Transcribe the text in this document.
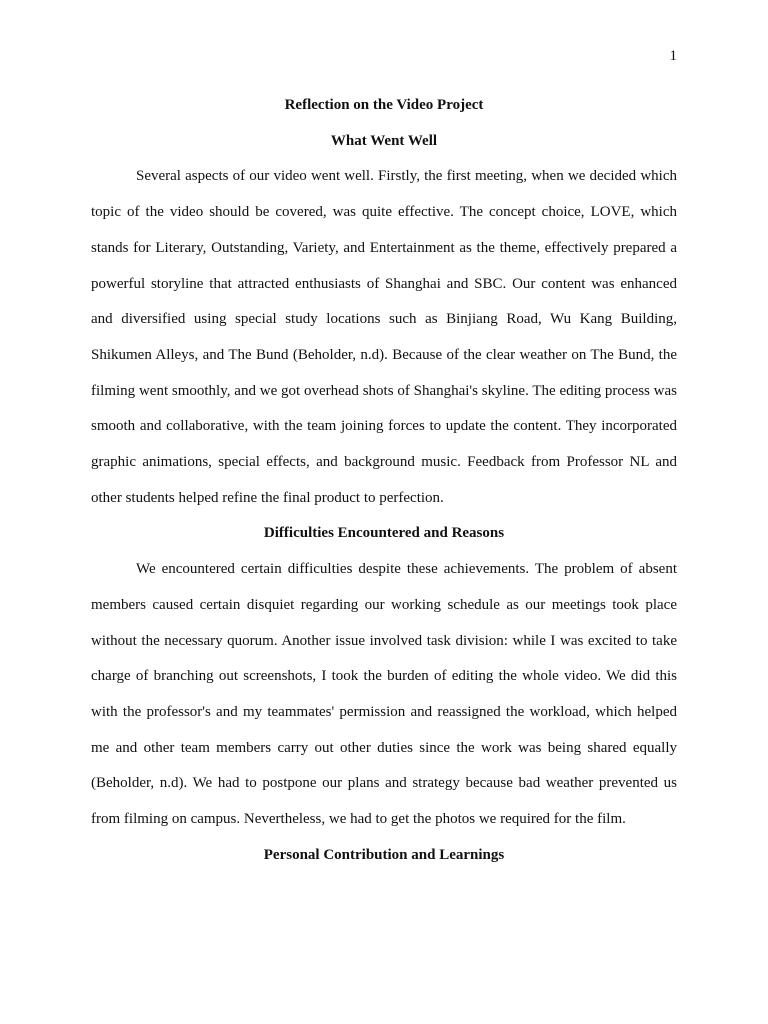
1
Reflection on the Video Project
What Went Well

Several aspects of our video went well. Firstly, the first meeting, when we decided which topic of the video should be covered, was quite effective. The concept choice, LOVE, which stands for Literary, Outstanding, Variety, and Entertainment as the theme, effectively prepared a powerful storyline that attracted enthusiasts of Shanghai and SBC. Our content was enhanced and diversified using special study locations such as Binjiang Road, Wu Kang Building, Shikumen Alleys, and The Bund (Beholder, n.d). Because of the clear weather on The Bund, the filming went smoothly, and we got overhead shots of Shanghai's skyline. The editing process was smooth and collaborative, with the team joining forces to update the content. They incorporated graphic animations, special effects, and background music. Feedback from Professor NL and other students helped refine the final product to perfection.

Difficulties Encountered and Reasons

We encountered certain difficulties despite these achievements. The problem of absent members caused certain disquiet regarding our working schedule as our meetings took place without the necessary quorum. Another issue involved task division: while I was excited to take charge of branching out screenshots, I took the burden of editing the whole video. We did this with the professor's and my teammates' permission and reassigned the workload, which helped me and other team members carry out other duties since the work was being shared equally (Beholder, n.d). We had to postpone our plans and strategy because bad weather prevented us from filming on campus. Nevertheless, we had to get the photos we required for the film.

Personal Contribution and Learnings
